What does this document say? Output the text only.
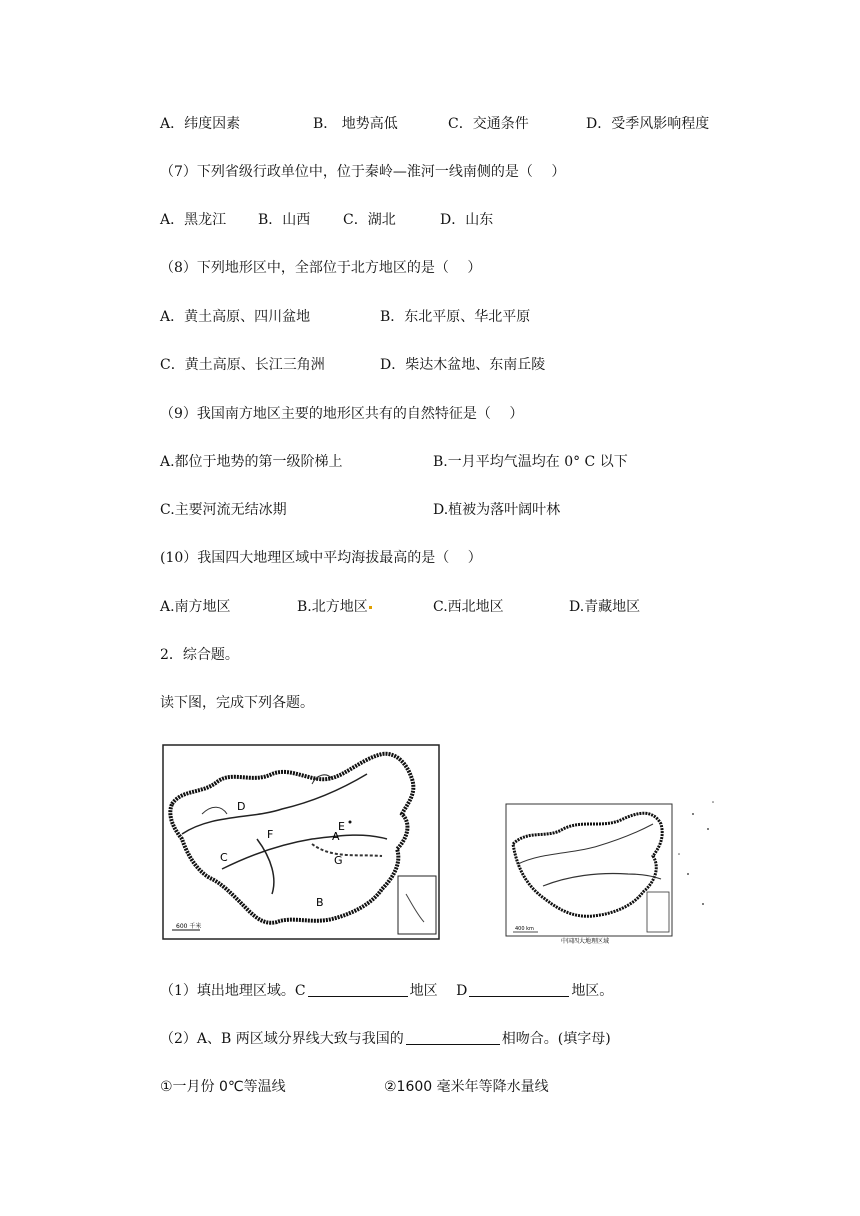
A．纬度因素	B． 地势高低	C．交通条件	D．受季风影响程度
（7）下列省级行政单位中，位于秦岭—淮河一线南侧的是（　 ）
A．黑龙江 B．山西 C．湖北	D．山东
（8）下列地形区中，全部位于北方地区的是（　 ）
A．黄土高原、四川盆地	B．东北平原、华北平原
C．黄土高原、长江三角洲	D．柴达木盆地、东南丘陵
（9）我国南方地区主要的地形区共有的自然特征是（　 ）
A.都位于地势的第一级阶梯上	B.一月平均气温均在 0° C 以下
C.主要河流无结冰期	D.植被为落叶阔叶林
(10）我国四大地理区域中平均海拔最高的是（　 ）
A.南方地区	B.北方地区	C.西北地区	D.青藏地区
2．综合题。
读下图，完成下列各题。
D
E
F	A
C	G
B
600 千米	400 km
中国四大地理区域
（1）填出地理区域。C	地区　 D	地区。
（2）A、B 两区域分界线大致与我国的	相吻合。(填字母)
①一月份 0℃等温线	②1600 毫米年等降水量线
